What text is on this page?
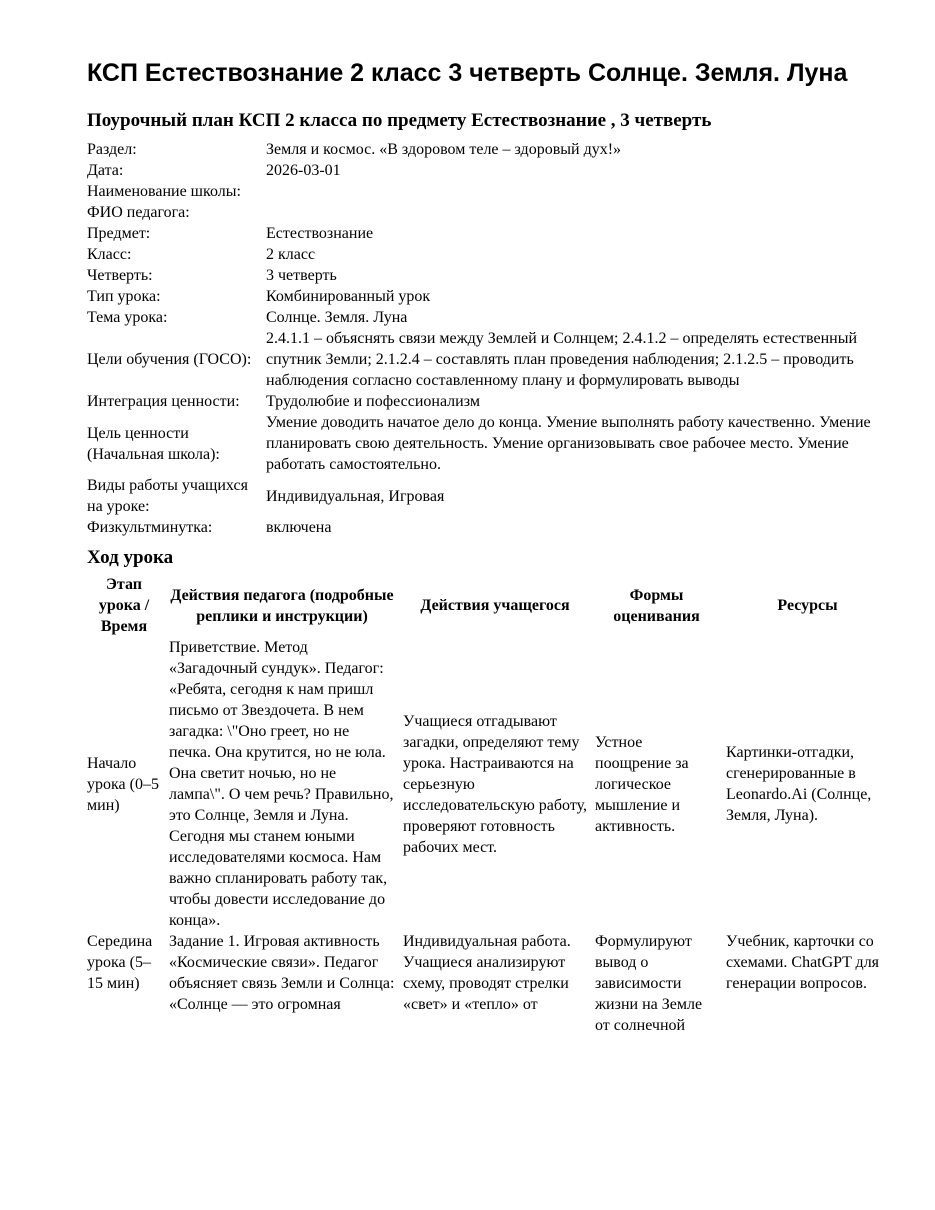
КСП Естествознание 2 класс 3 четверть Солнце. Земля. Луна
Поурочный план КСП 2 класса по предмету Естествознание , 3 четверть
Раздел:	Земля и космос. «В здоровом теле – здоровый дух!»
Дата:	2026-03-01
Наименование школы:	
ФИО педагога:	
Предмет:	Естествознание
Класс:	2 класс
Четверть:	3 четверть
Тип урока:	Комбинированный урок
Тема урока:	Солнце. Земля. Луна
Цели обучения (ГОСО):	2.4.1.1 – объяснять связи между Землей и Солнцем; 2.4.1.2 – определять естественный спутник Земли; 2.1.2.4 – составлять план проведения наблюдения; 2.1.2.5 – проводить наблюдения согласно составленному плану и формулировать выводы
Интеграция ценности:	Трудолюбие и пофессионализм
Цель ценности (Начальная школа):	Умение доводить начатое дело до конца. Умение выполнять работу качественно. Умение планировать свою деятельность. Умение организовывать свое рабочее место. Умение работать самостоятельно.
Виды работы учащихся на уроке:	Индивидуальная, Игровая
Физкультминутка:	включена
Ход урока
Этап урока / Время	Действия педагога (подробные реплики и инструкции)	Действия учащегося	Формы оценивания	Ресурсы
Начало урока (0–5 мин)	Приветствие. Метод «Загадочный сундук». Педагог: «Ребята, сегодня к нам пришл письмо от Звездочета. В нем загадка: \"Оно греет, но не печка. Она крутится, но не юла. Она светит ночью, но не лампа\". О чем речь? Правильно, это Солнце, Земля и Луна. Сегодня мы станем юными исследователями космоса. Нам важно спланировать работу так, чтобы довести исследование до конца».	Учащиеся отгадывают загадки, определяют тему урока. Настраиваются на серьезную исследовательскую работу, проверяют готовность рабочих мест.	Устное поощрение за логическое мышление и активность.	Картинки-отгадки, сгенерированные в Leonardo.Ai (Солнце, Земля, Луна).
Середина урока (5–15 мин)	Задание 1. Игровая активность «Космические связи». Педагог объясняет связь Земли и Солнца: «Солнце — это огромная	Индивидуальная работа. Учащиеся анализируют схему, проводят стрелки «свет» и «тепло» от	Формулируют вывод о зависимости жизни на Земле от солнечной	Учебник, карточки со схемами. ChatGPT для генерации вопросов.
